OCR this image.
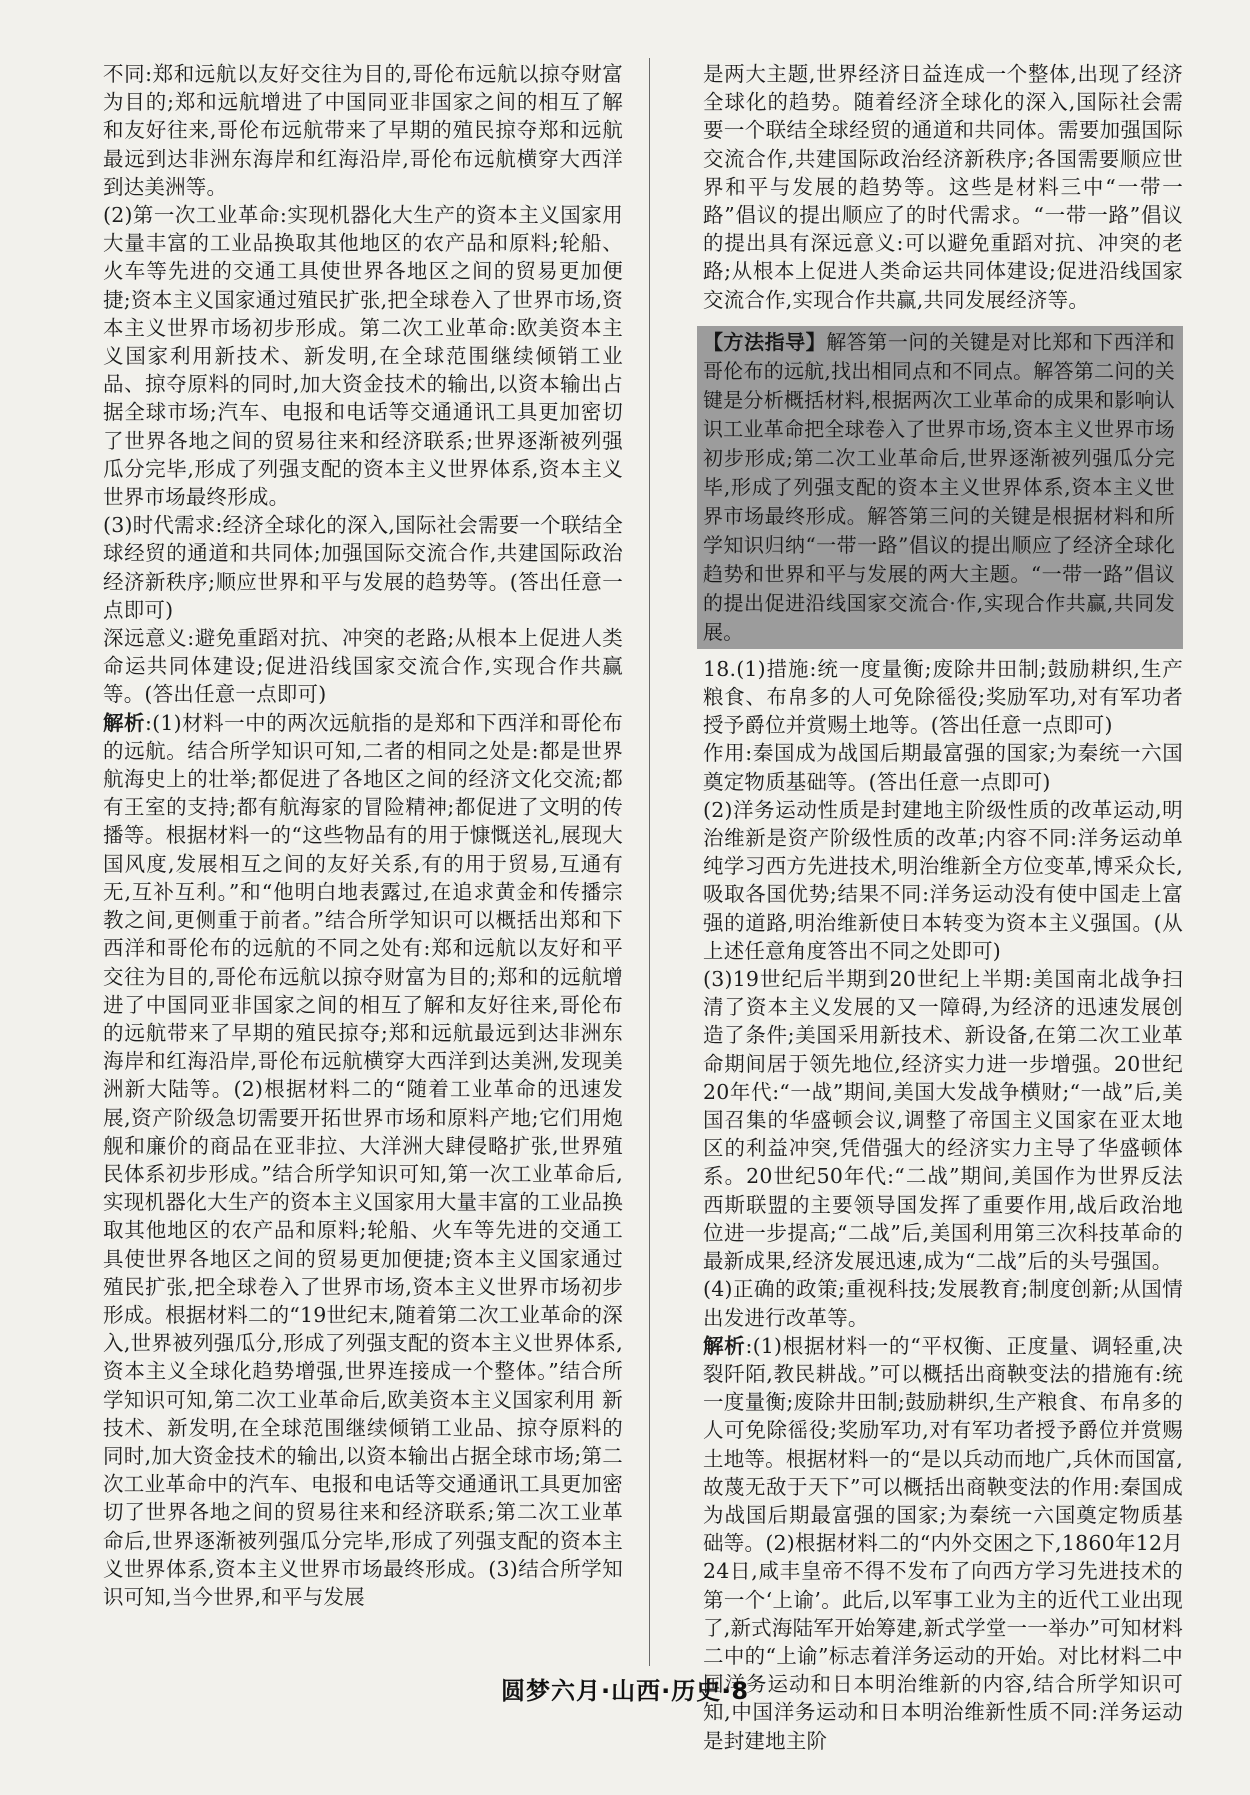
不同:郑和远航以友好交往为目的,哥伦布远航以掠夺财富为目的;郑和远航增进了中国同亚非国家之间的相互了解和友好往来,哥伦布远航带来了早期的殖民掠夺郑和远航最远到达非洲东海岸和红海沿岸,哥伦布远航横穿大西洋到达美洲等。

(2)第一次工业革命:实现机器化大生产的资本主义国家用大量丰富的工业品换取其他地区的农产品和原料;轮船、火车等先进的交通工具使世界各地区之间的贸易更加便捷;资本主义国家通过殖民扩张,把全球卷入了世界市场,资本主义世界市场初步形成。第二次工业革命:欧美资本主义国家利用新技术、新发明,在全球范围继续倾销工业品、掠夺原料的同时,加大资金技术的输出,以资本输出占据全球市场;汽车、电报和电话等交通通讯工具更加密切了世界各地之间的贸易往来和经济联系;世界逐渐被列强瓜分完毕,形成了列强支配的资本主义世界体系,资本主义世界市场最终形成。

(3)时代需求:经济全球化的深入,国际社会需要一个联结全球经贸的通道和共同体;加强国际交流合作,共建国际政治经济新秩序;顺应世界和平与发展的趋势等。(答出任意一点即可)

深远意义:避免重蹈对抗、冲突的老路;从根本上促进人类命运共同体建设;促进沿线国家交流合作,实现合作共赢等。(答出任意一点即可)

解析:(1)材料一中的两次远航指的是郑和下西洋和哥伦布的远航。结合所学知识可知,二者的相同之处是:都是世界航海史上的壮举;都促进了各地区之间的经济文化交流;都有王室的支持;都有航海家的冒险精神;都促进了文明的传播等。根据材料一的“这些物品有的用于慷慨送礼,展现大国风度,发展相互之间的友好关系,有的用于贸易,互通有无,互补互利。”和“他明白地表露过,在追求黄金和传播宗教之间,更侧重于前者。”结合所学知识可以概括出郑和下西洋和哥伦布的远航的不同之处有:郑和远航以友好和平交往为目的,哥伦布远航以掠夺财富为目的;郑和的远航增进了中国同亚非国家之间的相互了解和友好往来,哥伦布的远航带来了早期的殖民掠夺;郑和远航最远到达非洲东海岸和红海沿岸,哥伦布远航横穿大西洋到达美洲,发现美洲新大陆等。(2)根据材料二的“随着工业革命的迅速发展,资产阶级急切需要开拓世界市场和原料产地;它们用炮舰和廉价的商品在亚非拉、大洋洲大肆侵略扩张,世界殖民体系初步形成。”结合所学知识可知,第一次工业革命后,实现机器化大生产的资本主义国家用大量丰富的工业品换取其他地区的农产品和原料;轮船、火车等先进的交通工具使世界各地区之间的贸易更加便捷;资本主义国家通过殖民扩张,把全球卷入了世界市场,资本主义世界市场初步形成。根据材料二的“19世纪末,随着第二次工业革命的深入,世界被列强瓜分,形成了列强支配的资本主义世界体系,资本主义全球化趋势增强,世界连接成一个整体。”结合所学知识可知,第二次工业革命后,欧美资本主义国家利用 新技术、新发明,在全球范围继续倾销工业品、掠夺原料的同时,加大资金技术的输出,以资本输出占据全球市场;第二次工业革命中的汽车、电报和电话等交通通讯工具更加密切了世界各地之间的贸易往来和经济联系;第二次工业革命后,世界逐渐被列强瓜分完毕,形成了列强支配的资本主义世界体系,资本主义世界市场最终形成。(3)结合所学知识可知,当今世界,和平与发展

是两大主题,世界经济日益连成一个整体,出现了经济全球化的趋势。随着经济全球化的深入,国际社会需要一个联结全球经贸的通道和共同体。需要加强国际交流合作,共建国际政治经济新秩序;各国需要顺应世界和平与发展的趋势等。这些是材料三中“一带一路”倡议的提出顺应了的时代需求。“一带一路”倡议的提出具有深远意义:可以避免重蹈对抗、冲突的老路;从根本上促进人类命运共同体建设;促进沿线国家交流合作,实现合作共赢,共同发展经济等。

【方法指导】解答第一问的关键是对比郑和下西洋和哥伦布的远航,找出相同点和不同点。解答第二问的关键是分析概括材料,根据两次工业革命的成果和影响认识工业革命把全球卷入了世界市场,资本主义世界市场初步形成;第二次工业革命后,世界逐渐被列强瓜分完毕,形成了列强支配的资本主义世界体系,资本主义世界市场最终形成。解答第三问的关键是根据材料和所学知识归纳“一带一路”倡议的提出顺应了经济全球化趋势和世界和平与发展的两大主题。“一带一路”倡议的提出促进沿线国家交流合·作,实现合作共赢,共同发展。

18.(1)措施:统一度量衡;废除井田制;鼓励耕织,生产粮食、布帛多的人可免除徭役;奖励军功,对有军功者授予爵位并赏赐土地等。(答出任意一点即可)

作用:秦国成为战国后期最富强的国家;为秦统一六国奠定物质基础等。(答出任意一点即可)

(2)洋务运动性质是封建地主阶级性质的改革运动,明治维新是资产阶级性质的改革;内容不同:洋务运动单纯学习西方先进技术,明治维新全方位变革,博采众长,吸取各国优势;结果不同:洋务运动没有使中国走上富强的道路,明治维新使日本转变为资本主义强国。(从上述任意角度答出不同之处即可)

(3)19世纪后半期到20世纪上半期:美国南北战争扫清了资本主义发展的又一障碍,为经济的迅速发展创造了条件;美国采用新技术、新设备,在第二次工业革命期间居于领先地位,经济实力进一步增强。20世纪20年代:“一战”期间,美国大发战争横财;“一战”后,美国召集的华盛顿会议,调整了帝国主义国家在亚太地区的利益冲突,凭借强大的经济实力主导了华盛顿体系。20世纪50年代:“二战”期间,美国作为世界反法西斯联盟的主要领导国发挥了重要作用,战后政治地位进一步提高;“二战”后,美国利用第三次科技革命的最新成果,经济发展迅速,成为“二战”后的头号强国。

(4)正确的政策;重视科技;发展教育;制度创新;从国情出发进行改革等。

解析:(1)根据材料一的“平权衡、正度量、调轻重,决裂阡陌,教民耕战。”可以概括出商鞅变法的措施有:统一度量衡;废除井田制;鼓励耕织,生产粮食、布帛多的人可免除徭役;奖励军功,对有军功者授予爵位并赏赐土地等。根据材料一的“是以兵动而地广,兵休而国富,故蔑无敌于天下”可以概括出商鞅变法的作用:秦国成为战国后期最富强的国家;为秦统一六国奠定物质基础等。(2)根据材料二的“内外交困之下,1860年12月24日,咸丰皇帝不得不发布了向西方学习先进技术的第一个‘上谕’。此后,以军事工业为主的近代工业出现了,新式海陆军开始筹建,新式学堂一一举办”可知材料二中的“上谕”标志着洋务运动的开始。对比材料二中国洋务运动和日本明治维新的内容,结合所学知识可知,中国洋务运动和日本明治维新性质不同:洋务运动是封建地主阶

圆梦六月·山西·历史·8
